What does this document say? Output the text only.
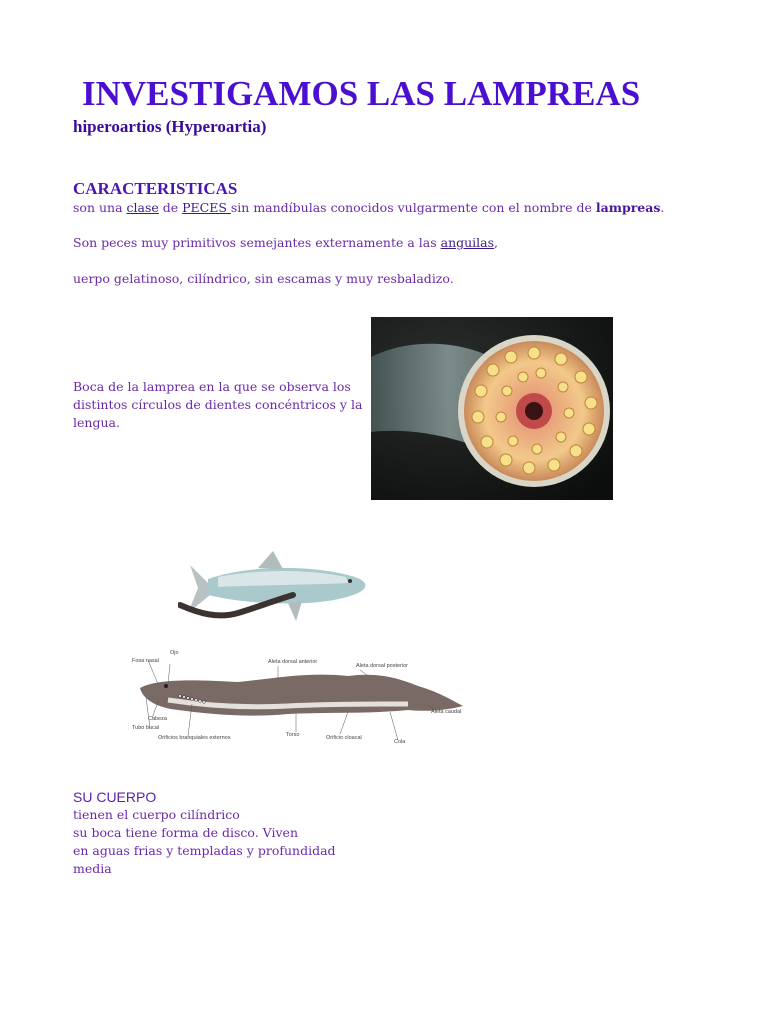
INVESTIGAMOS LAS LAMPREAS
hiperoartios (Hyperoartia)
CARACTERISTICAS
son una clase de PECES sin mandíbulas conocidos vulgarmente con el nombre de lampreas.
Son peces muy primitivos semejantes externamente a las anguilas,
uerpo gelatinoso, cilíndrico, sin escamas y muy resbaladizo.
Boca de la lamprea en la que se observa los distintos círculos de dientes concéntricos y la lengua.
Ojo
Fosa nasal	Aleta dorsal anterior
Aleta dorsal posterior
Aleta caudal
Cabeza
Tubo bucal
Orificios branquiales externos	Torso	Orificio cloacal
Cola
SU CUERPO
tienen el cuerpo cilíndrico
su boca tiene forma de disco. Viven
en aguas frias y templadas y profundidad
media
